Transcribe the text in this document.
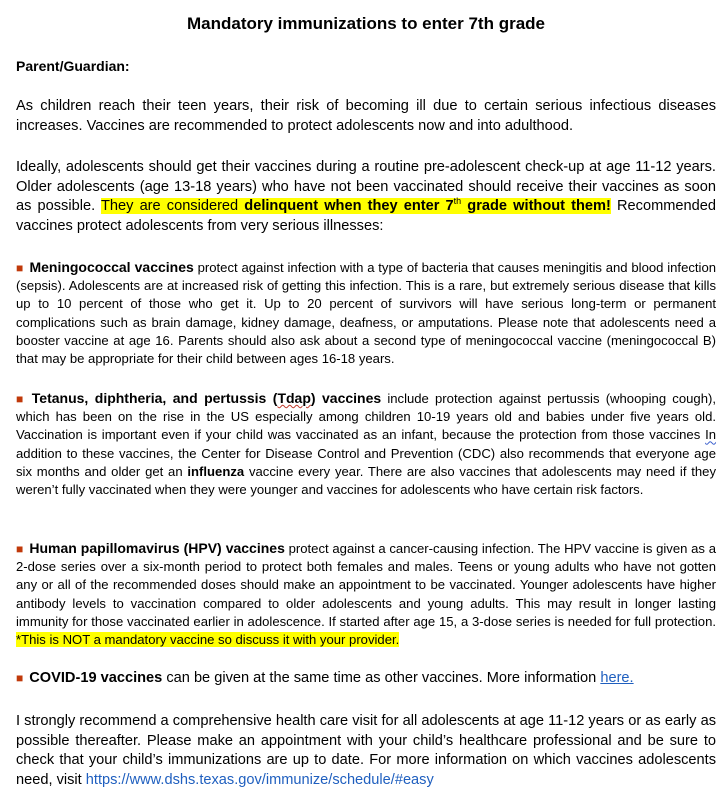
Mandatory immunizations to enter 7th grade
Parent/Guardian:
As children reach their teen years, their risk of becoming ill due to certain serious infectious diseases increases. Vaccines are recommended to protect adolescents now and into adulthood.
Ideally, adolescents should get their vaccines during a routine pre-adolescent check-up at age 11-12 years. Older adolescents (age 13-18 years) who have not been vaccinated should receive their vaccines as soon as possible. They are considered delinquent when they enter 7th grade without them! Recommended vaccines protect adolescents from very serious illnesses:
■ Meningococcal vaccines protect against infection with a type of bacteria that causes meningitis and blood infection (sepsis). Adolescents are at increased risk of getting this infection. This is a rare, but extremely serious disease that kills up to 10 percent of those who get it. Up to 20 percent of survivors will have serious long-term or permanent complications such as brain damage, kidney damage, deafness, or amputations. Please note that adolescents need a booster vaccine at age 16. Parents should also ask about a second type of meningococcal vaccine (meningococcal B) that may be appropriate for their child between ages 16-18 years.
■ Tetanus, diphtheria, and pertussis (Tdap) vaccines include protection against pertussis (whooping cough), which has been on the rise in the US especially among children 10-19 years old and babies under five years old. Vaccination is important even if your child was vaccinated as an infant, because the protection from those vaccines In addition to these vaccines, the Center for Disease Control and Prevention (CDC) also recommends that everyone age six months and older get an influenza vaccine every year. There are also vaccines that adolescents may need if they weren’t fully vaccinated when they were younger and vaccines for adolescents who have certain risk factors.
■ Human papillomavirus (HPV) vaccines protect against a cancer-causing infection. The HPV vaccine is given as a 2-dose series over a six-month period to protect both females and males. Teens or young adults who have not gotten any or all of the recommended doses should make an appointment to be vaccinated. Younger adolescents have higher antibody levels to vaccination compared to older adolescents and young adults. This may result in longer lasting immunity for those vaccinated earlier in adolescence. If started after age 15, a 3-dose series is needed for full protection. *This is NOT a mandatory vaccine so discuss it with your provider.
■ COVID-19 vaccines can be given at the same time as other vaccines. More information here.
I strongly recommend a comprehensive health care visit for all adolescents at age 11-12 years or as early as possible thereafter. Please make an appointment with your child’s healthcare professional and be sure to check that your child’s immunizations are up to date. For more information on which vaccines adolescents need, visit https://www.dshs.texas.gov/immunize/schedule/#easy
